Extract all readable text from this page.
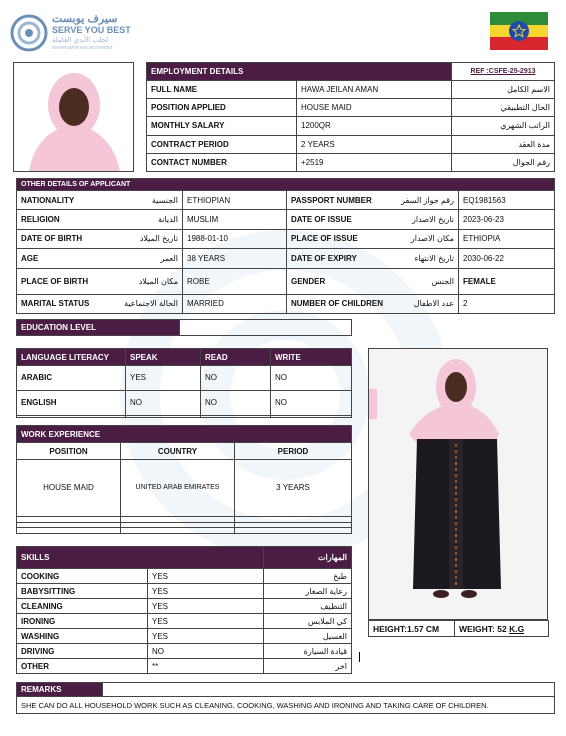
سيرف يوبست
SERVE YOU BEST
لجلب الأيدي العاملة
MANPOWER RECRUITMENT
EMPLOYMENT DETAILS		REF :CSFE-25-2913
FULL NAME	HAWA JEILAN AMAN	الاسم الكامل
POSITION APPLIED	HOUSE MAID	الحال التطبيقي
MONTHLY SALARY	1200QR	الراتب الشهري
CONTRACT PERIOD	2 YEARS	مدة العقد
CONTACT NUMBER	+2519	رقم الجوال
OTHER DETAILS OF APPLICANT			

NATIONALITY الجنسية	ETHIOPIAN	PASSPORT NUMBER رقم جواز السفر	EQ1981563

RELIGION الديانة	MUSLIM	DATE OF ISSUE تاريخ الاصدار	2023-06-23

DATE OF BIRTH تاريخ الميلاد	1988-01-10	PLACE OF ISSUE مكان الاصدار	ETHIOPIA

AGE العمر	38 YEARS	DATE OF EXPIRY تاريخ الانتهاء	2030-06-22

PLACE OF BIRTH مكان الميلاد	ROBE	GENDER الجنس	FEMALE

MARITAL STATUS الحالة الاجتماعية	MARRIED	NUMBER OF CHILDREN عدد الاطفال	2
EDUCATION LEVEL	
LANGUAGE LITERACY	SPEAK	READ	WRITE
ARABIC	YES	NO	NO
ENGLISH	NO	NO	NO

WORK EXPERIENCE		
POSITION	COUNTRY	PERIOD
HOUSE MAID	UNITED ARAB EMIRATES	3 YEARS

SKILLS		المهارات
COOKING	YES	طبخ
BABYSITTING	YES	رعاية الصغار
CLEANING	YES	التنظيف
IRONING	YES	كي الملابس
WASHING	YES	الغسيل
DRIVING	NO	قيادة السيارة
OTHER	**	اخر
HEIGHT:1.57 CM	WEIGHT: 52 K.G
REMARKS	
SHE CAN DO ALL HOUSEHOLD WORK SUCH AS CLEANING, COOKING, WASHING AND IRONING AND TAKING CARE OF CHILDREN.
